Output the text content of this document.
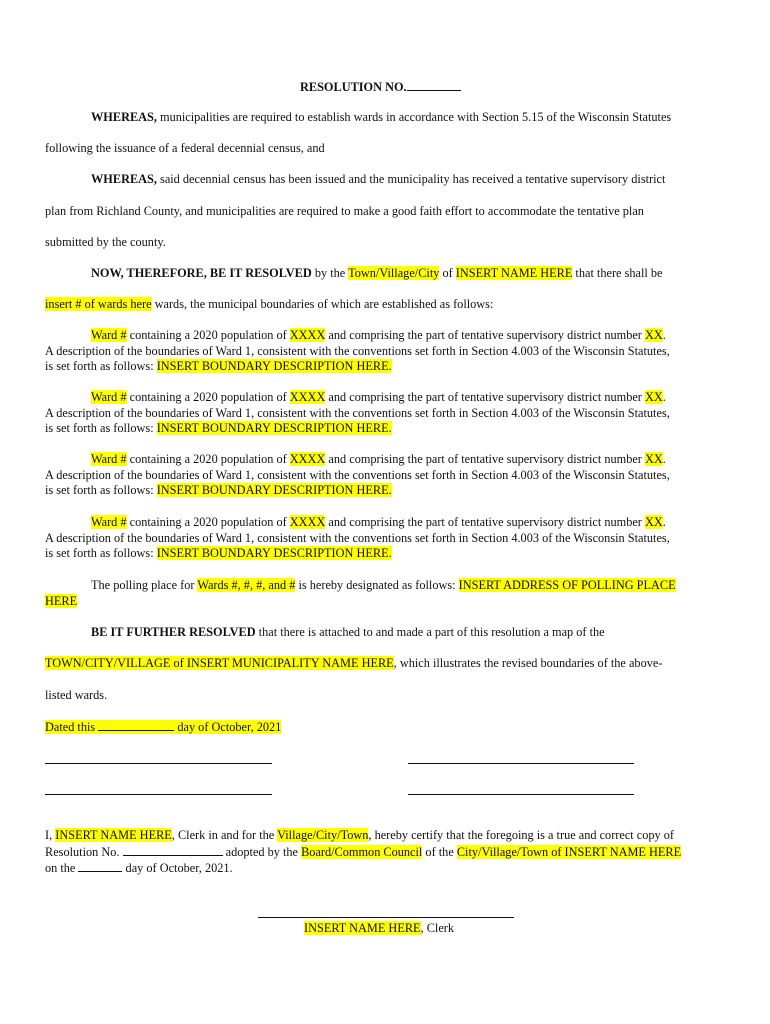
RESOLUTION NO.
WHEREAS, municipalities are required to establish wards in accordance with Section 5.15 of the Wisconsin Statutes
following the issuance of a federal decennial census, and
WHEREAS, said decennial census has been issued and the municipality has received a tentative supervisory district
plan from Richland County, and municipalities are required to make a good faith effort to accommodate the tentative plan
submitted by the county.
NOW, THEREFORE, BE IT RESOLVED by the Town/Village/City of INSERT NAME HERE that there shall be
insert # of wards here wards, the municipal boundaries of which are established as follows:
Ward # containing a 2020 population of XXXX and comprising the part of tentative supervisory district number XX.
A description of the boundaries of Ward 1, consistent with the conventions set forth in Section 4.003 of the Wisconsin Statutes,
is set forth as follows: INSERT BOUNDARY DESCRIPTION HERE.
Ward # containing a 2020 population of XXXX and comprising the part of tentative supervisory district number XX.
A description of the boundaries of Ward 1, consistent with the conventions set forth in Section 4.003 of the Wisconsin Statutes,
is set forth as follows: INSERT BOUNDARY DESCRIPTION HERE.
Ward # containing a 2020 population of XXXX and comprising the part of tentative supervisory district number XX.
A description of the boundaries of Ward 1, consistent with the conventions set forth in Section 4.003 of the Wisconsin Statutes,
is set forth as follows: INSERT BOUNDARY DESCRIPTION HERE.
Ward # containing a 2020 population of XXXX and comprising the part of tentative supervisory district number XX.
A description of the boundaries of Ward 1, consistent with the conventions set forth in Section 4.003 of the Wisconsin Statutes,
is set forth as follows: INSERT BOUNDARY DESCRIPTION HERE.
The polling place for Wards #, #, #, and # is hereby designated as follows: INSERT ADDRESS OF POLLING PLACE
HERE
BE IT FURTHER RESOLVED that there is attached to and made a part of this resolution a map of the
TOWN/CITY/VILLAGE of INSERT MUNICIPALITY NAME HERE, which illustrates the revised boundaries of the above-
listed wards.
Dated this	day of October, 2021
I, INSERT NAME HERE, Clerk in and for the Village/City/Town, hereby certify that the foregoing is a true and correct copy of
Resolution No.	adopted by the Board/Common Council of the City/Village/Town of INSERT NAME HERE
on the	day of October, 2021.
INSERT NAME HERE, Clerk
